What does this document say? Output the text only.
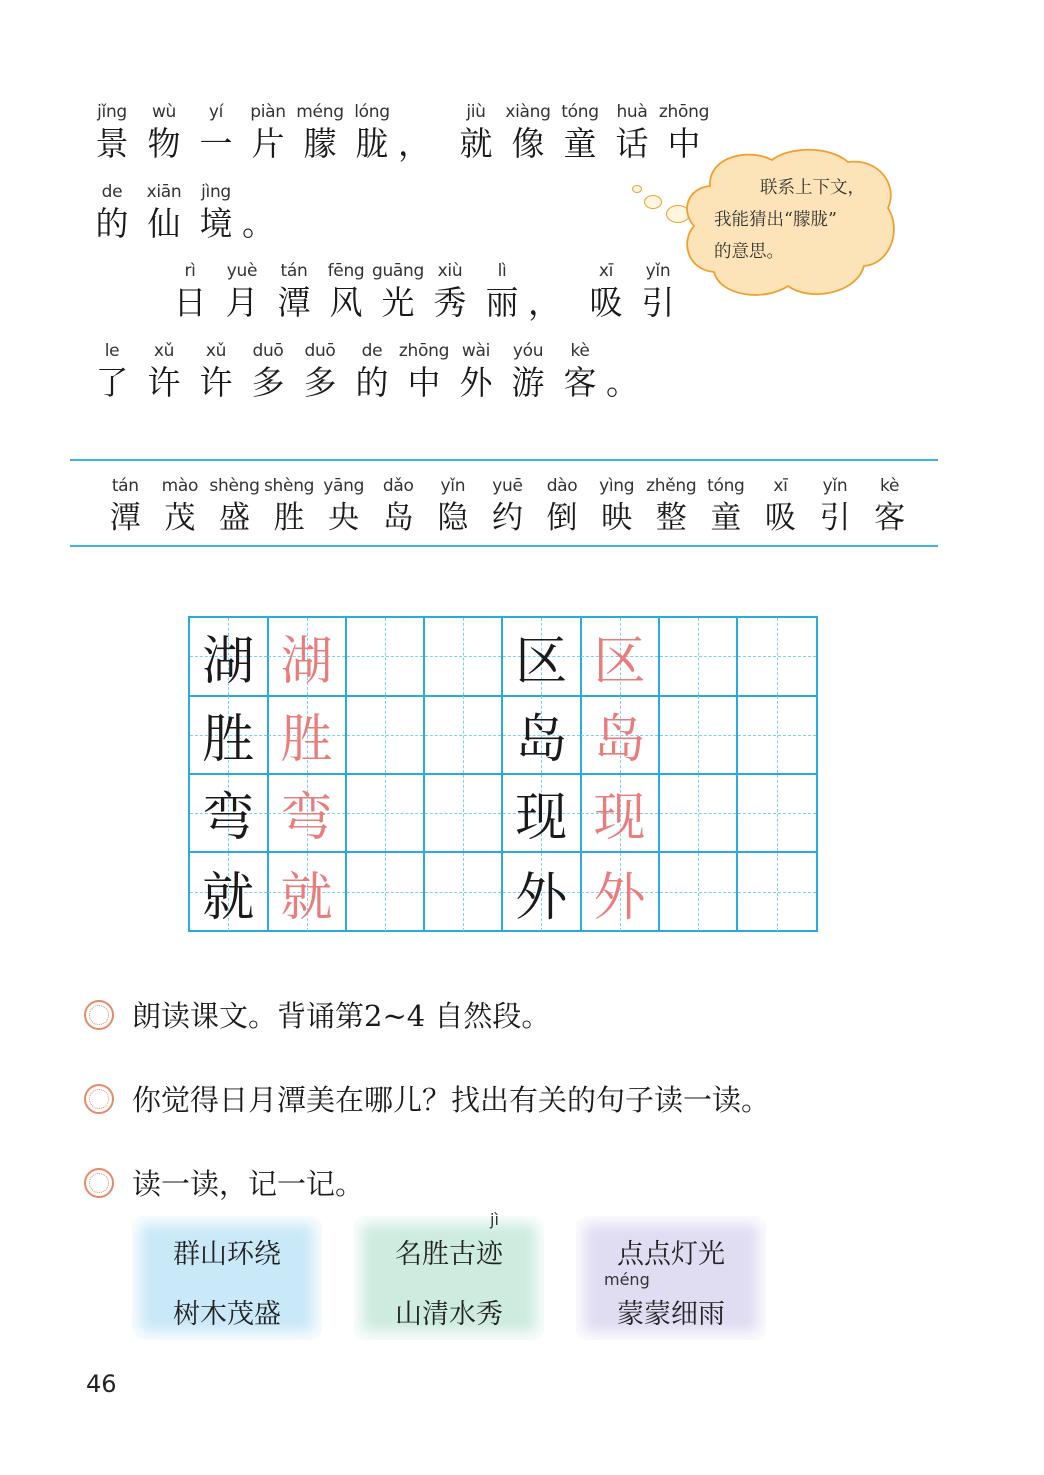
jǐng
景
wù
物
yí
一
piàn
片
méng
朦
lóng
胧 ，
jiù
就
xiàng
像
tóng
童
huà
话
zhōng
中
de
的
xiān
仙
jìng
境 。
rì
日
yuè
月
tán
潭
fēng
风
guāng
光
xiù
秀
lì
丽 ，
xī
吸
yǐn
引
le
了
xǔ
许
xǔ
许
duō
多
duō
多
de
的
zhōng
中
wài
外
yóu
游
kè
客 。
联系上下文，
我能猜出“朦胧”
的意思。
tán
潭
mào
茂
shèng
盛
shèng
胜
yāng
央
dǎo
岛
yǐn
隐
yuē
约
dào
倒
yìng
映
zhěng
整
tóng
童
xī
吸
yǐn
引
kè
客
湖 湖	区 区
胜 胜	岛 岛
弯 弯	现 现
就 就	外 外
朗读课文。背诵第2~4 自然段。
你觉得日月潭美在哪儿？找出有关的句子读一读。
读一读，记一记。
群山环绕
树木茂盛
jì
名胜古迹
山清水秀
méng
点点灯光
蒙蒙细雨
46
